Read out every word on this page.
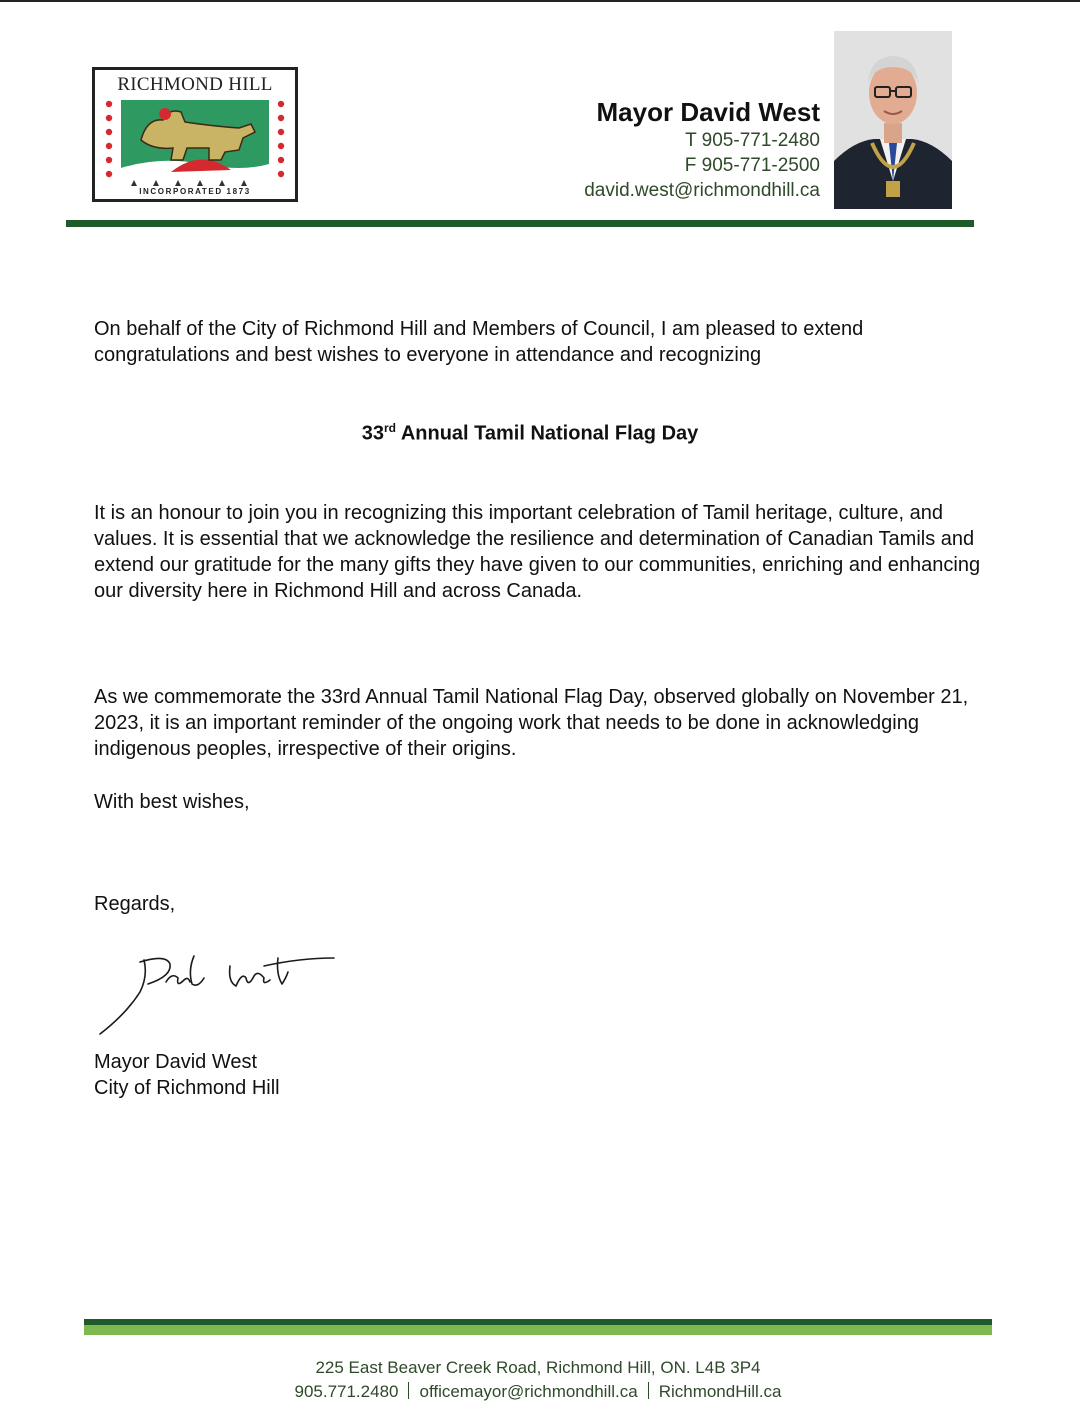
RICHMOND HILL
INCORPORATED 1873
Mayor David West
T 905-771-2480
F 905-771-2500
david.west@richmondhill.ca
On behalf of the City of Richmond Hill and Members of Council, I am pleased to extend congratulations and best wishes to everyone in attendance and recognizing
33rd Annual Tamil National Flag Day
It is an honour to join you in recognizing this important celebration of Tamil heritage, culture, and values. It is essential that we acknowledge the resilience and determination of Canadian Tamils and extend our gratitude for the many gifts they have given to our communities, enriching and enhancing our diversity here in Richmond Hill and across Canada.
As we commemorate the 33rd Annual Tamil National Flag Day, observed globally on November 21, 2023, it is an important reminder of the ongoing work that needs to be done in acknowledging indigenous peoples, irrespective of their origins.
With best wishes,
Regards,
Mayor David West
City of Richmond Hill
225 East Beaver Creek Road, Richmond Hill, ON. L4B 3P4
905.771.2480 officemayor@richmondhill.ca RichmondHill.ca
